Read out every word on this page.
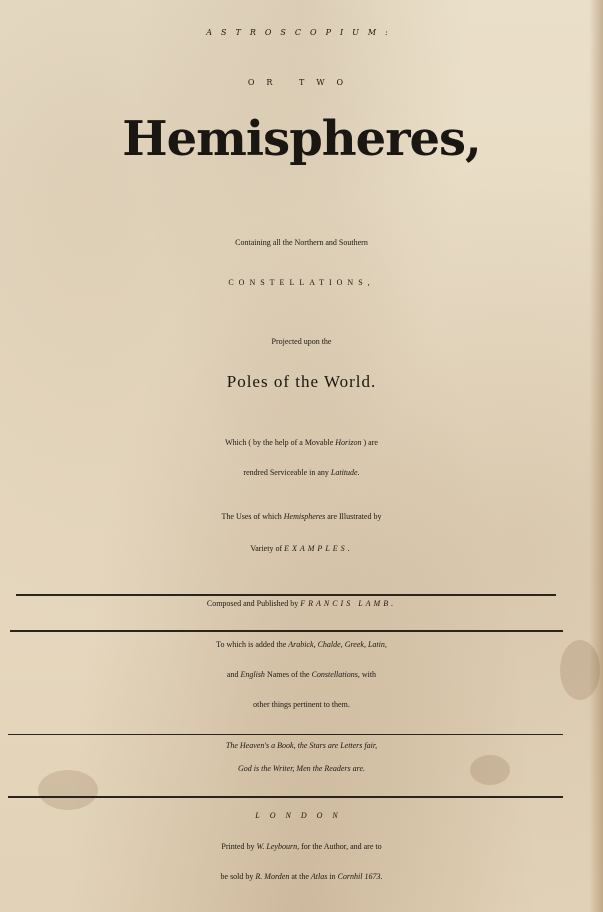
ASTROSCOPIUM:

OR TWO

Hemispheres,

Containing all the Northern and Southern

CONSTELLATIONS,

Projected upon the

Poles of the World.

Which ( by the help of a Movable Horizon ) are

rendred Serviceable in any Latitude.

The Uses of which Hemispheres are Illustrated by

Variety of EXAMPLES.

Composed and Published by FRANCIS LAMB.

To which is added the Arabick, Chalde, Greek, Latin,

and English Names of the Constellations, with

other things pertinent to them.

The Heaven's a Book, the Stars are Letters fair,

God is the Writer, Men the Readers are.

LONDON

Printed by W. Leybourn, for the Author, and are to

be sold by R. Morden at the Atlas in Cornhil 1673.
